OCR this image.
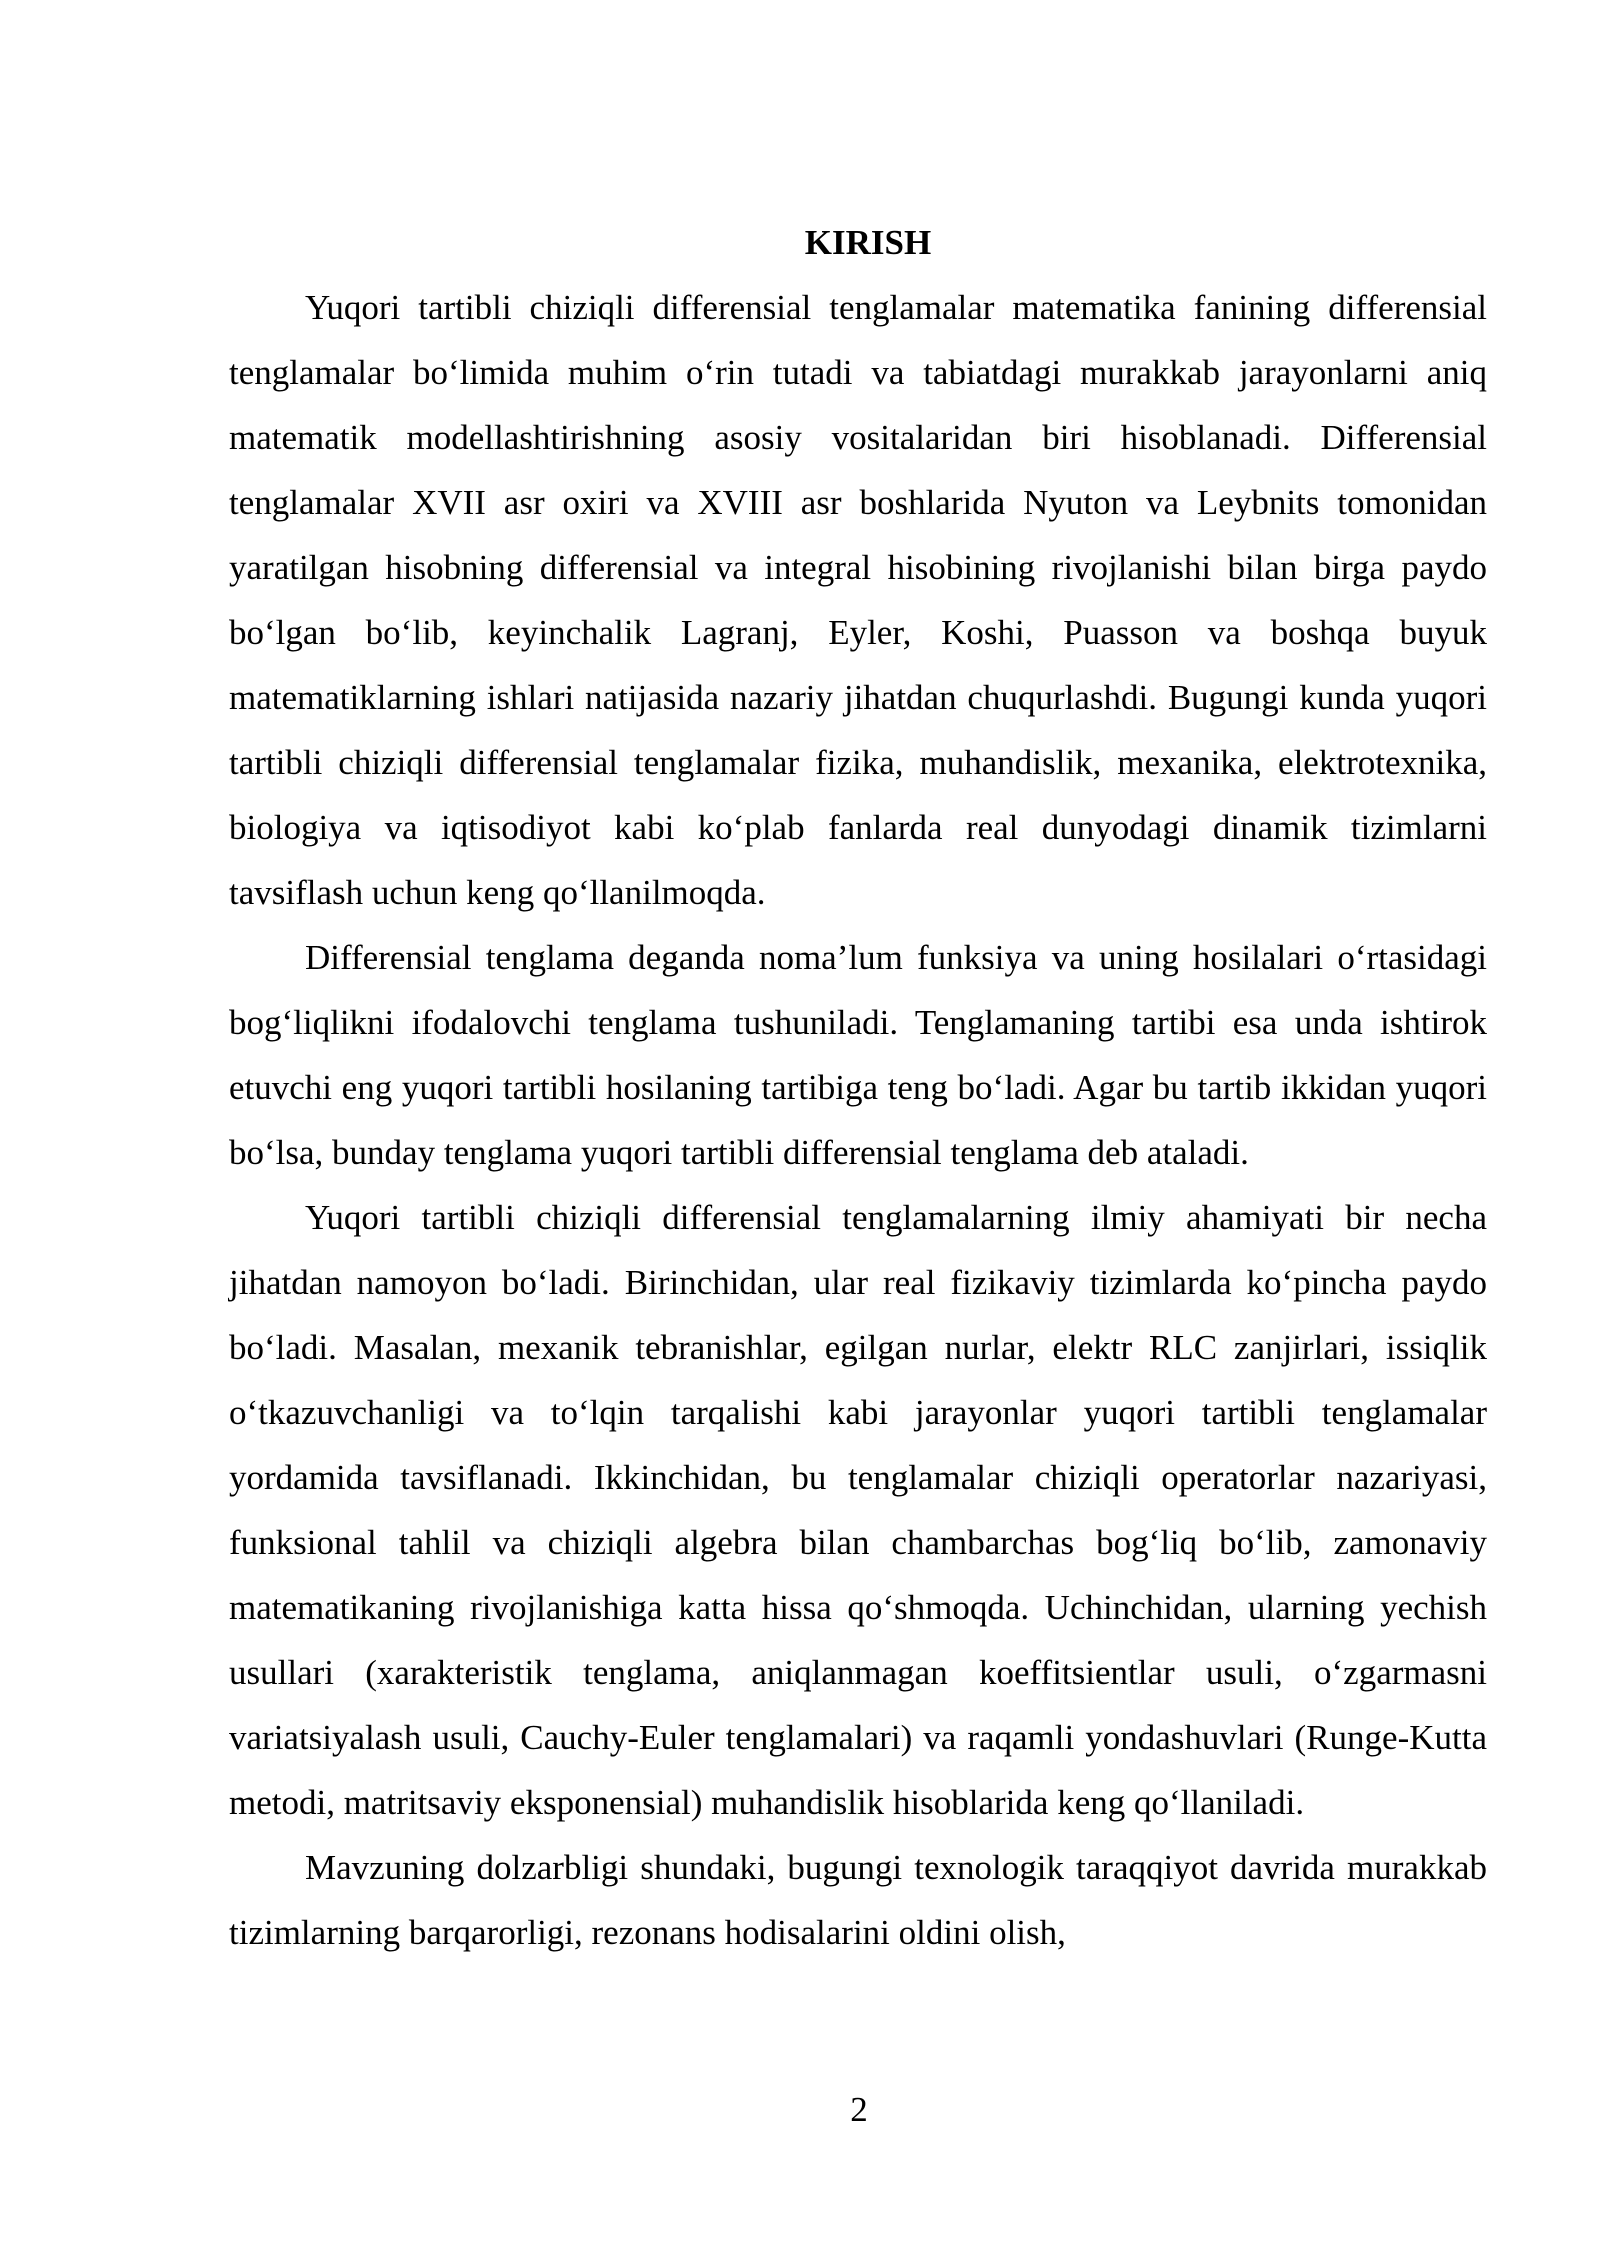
KIRISH

Yuqori tartibli chiziqli differensial tenglamalar matematika fanining differensial tenglamalar bo‘limida muhim o‘rin tutadi va tabiatdagi murakkab jarayonlarni aniq matematik modellashtirishning asosiy vositalaridan biri hisoblanadi. Differensial tenglamalar XVII asr oxiri va XVIII asr boshlarida Nyuton va Leybnits tomonidan yaratilgan hisobning differensial va integral hisobining rivojlanishi bilan birga paydo bo‘lgan bo‘lib, keyinchalik Lagranj, Eyler, Koshi, Puasson va boshqa buyuk matematiklarning ishlari natijasida nazariy jihatdan chuqurlashdi. Bugungi kunda yuqori tartibli chiziqli differensial tenglamalar fizika, muhandislik, mexanika, elektrotexnika, biologiya va iqtisodiyot kabi ko‘plab fanlarda real dunyodagi dinamik tizimlarni tavsiflash uchun keng qo‘llanilmoqda.

Differensial tenglama deganda noma’lum funksiya va uning hosilalari o‘rtasidagi bog‘liqlikni ifodalovchi tenglama tushuniladi. Tenglamaning tartibi esa unda ishtirok etuvchi eng yuqori tartibli hosilaning tartibiga teng bo‘ladi. Agar bu tartib ikkidan yuqori bo‘lsa, bunday tenglama yuqori tartibli differensial tenglama deb ataladi.

Yuqori tartibli chiziqli differensial tenglamalarning ilmiy ahamiyati bir necha jihatdan namoyon bo‘ladi. Birinchidan, ular real fizikaviy tizimlarda ko‘pincha paydo bo‘ladi. Masalan, mexanik tebranishlar, egilgan nurlar, elektr RLC zanjirlari, issiqlik o‘tkazuvchanligi va to‘lqin tarqalishi kabi jarayonlar yuqori tartibli tenglamalar yordamida tavsiflanadi. Ikkinchidan, bu tenglamalar chiziqli operatorlar nazariyasi, funksional tahlil va chiziqli algebra bilan chambarchas bog‘liq bo‘lib, zamonaviy matematikaning rivojlanishiga katta hissa qo‘shmoqda. Uchinchidan, ularning yechish usullari (xarakteristik tenglama, aniqlanmagan koeffitsientlar usuli, o‘zgarmasni variatsiyalash usuli, Cauchy-Euler tenglamalari) va raqamli yondashuvlari (Runge-Kutta metodi, matritsaviy eksponensial) muhandislik hisoblarida keng qo‘llaniladi.

Mavzuning dolzarbligi shundaki, bugungi texnologik taraqqiyot davrida murakkab tizimlarning barqarorligi, rezonans hodisalarini oldini olish,

2
